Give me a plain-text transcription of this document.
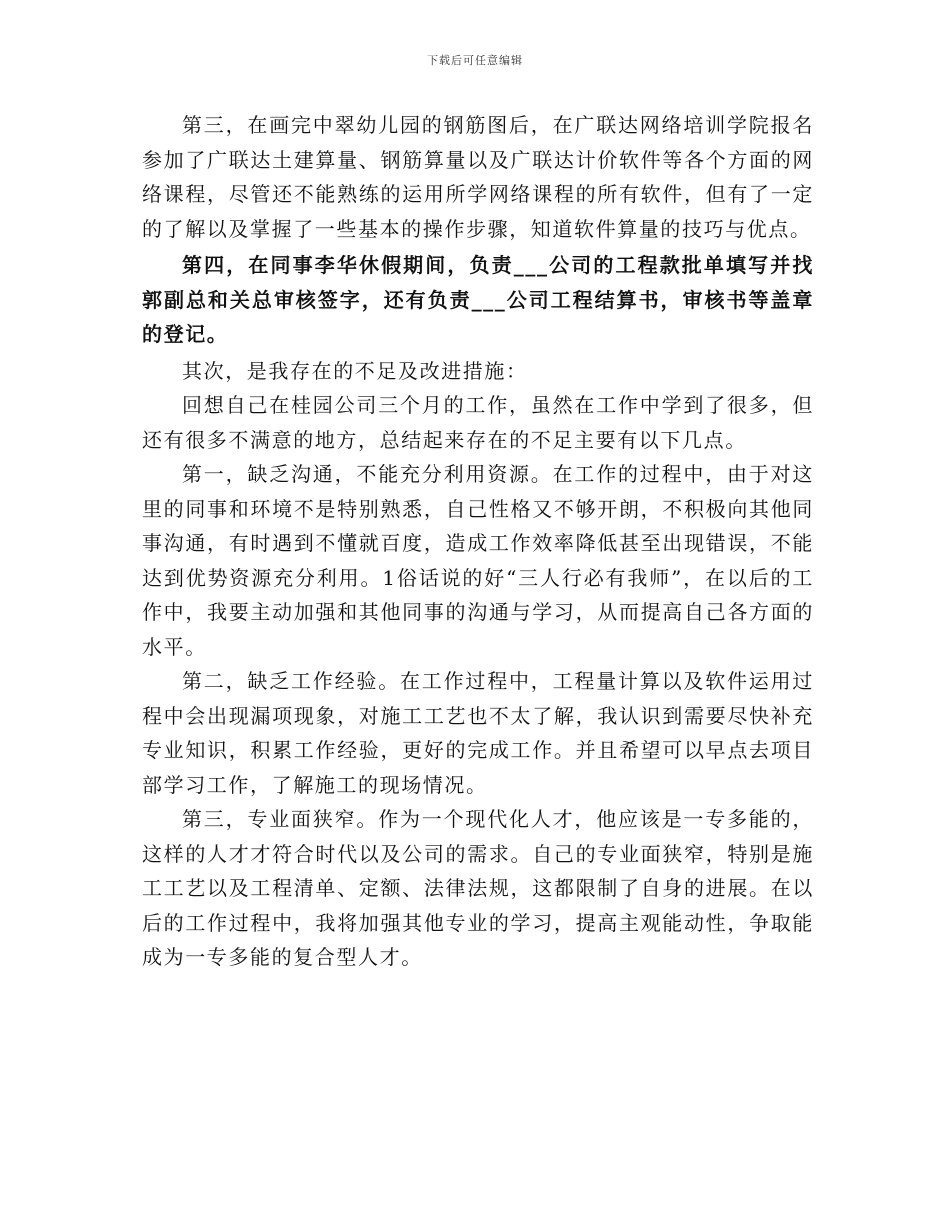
下载后可任意编辑

第三，在画完中翠幼儿园的钢筋图后，在广联达网络培训学院报名参加了广联达土建算量、钢筋算量以及广联达计价软件等各个方面的网络课程，尽管还不能熟练的运用所学网络课程的所有软件，但有了一定的了解以及掌握了一些基本的操作步骤，知道软件算量的技巧与优点。

第四，在同事李华休假期间，负责___公司的工程款批单填写并找郭副总和关总审核签字，还有负责___公司工程结算书，审核书等盖章的登记。

其次，是我存在的不足及改进措施：

回想自己在桂园公司三个月的工作，虽然在工作中学到了很多，但还有很多不满意的地方，总结起来存在的不足主要有以下几点。

第一，缺乏沟通，不能充分利用资源。在工作的过程中，由于对这里的同事和环境不是特别熟悉，自己性格又不够开朗，不积极向其他同事沟通，有时遇到不懂就百度，造成工作效率降低甚至出现错误，不能达到优势资源充分利用。1俗话说的好“三人行必有我师”，在以后的工作中，我要主动加强和其他同事的沟通与学习，从而提高自己各方面的水平。

第二，缺乏工作经验。在工作过程中，工程量计算以及软件运用过程中会出现漏项现象，对施工工艺也不太了解，我认识到需要尽快补充专业知识，积累工作经验，更好的完成工作。并且希望可以早点去项目部学习工作，了解施工的现场情况。

第三，专业面狭窄。作为一个现代化人才，他应该是一专多能的，这样的人才才符合时代以及公司的需求。自己的专业面狭窄，特别是施工工艺以及工程清单、定额、法律法规，这都限制了自身的进展。在以后的工作过程中，我将加强其他专业的学习，提高主观能动性，争取能成为一专多能的复合型人才。
